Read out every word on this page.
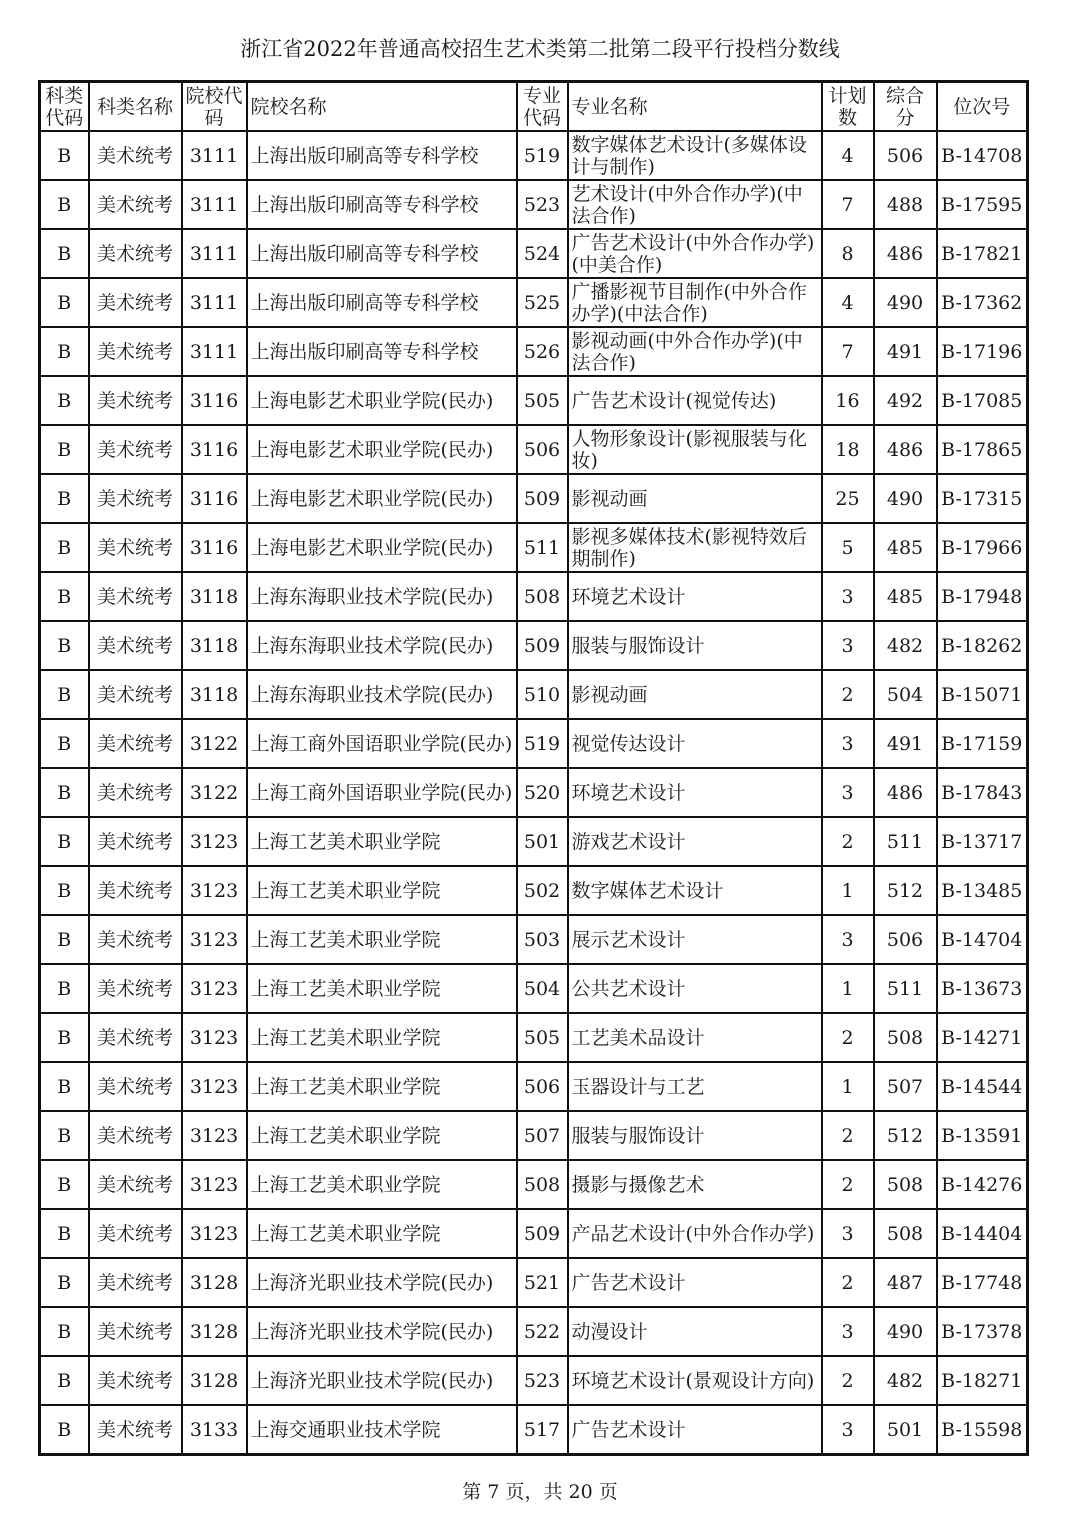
浙江省2022年普通高校招生艺术类第二批第二段平行投档分数线
科类代码	科类名称	院校代码	院校名称	专业代码	专业名称	计划数	综合分	位次号
B	美术统考	3111	上海出版印刷高等专科学校	519	数字媒体艺术设计(多媒体设计与制作)	4	506	B-14708
B	美术统考	3111	上海出版印刷高等专科学校	523	艺术设计(中外合作办学)(中法合作)	7	488	B-17595
B	美术统考	3111	上海出版印刷高等专科学校	524	广告艺术设计(中外合作办学)(中美合作)	8	486	B-17821
B	美术统考	3111	上海出版印刷高等专科学校	525	广播影视节目制作(中外合作办学)(中法合作)	4	490	B-17362
B	美术统考	3111	上海出版印刷高等专科学校	526	影视动画(中外合作办学)(中法合作)	7	491	B-17196
B	美术统考	3116	上海电影艺术职业学院(民办)	505	广告艺术设计(视觉传达)	16	492	B-17085
B	美术统考	3116	上海电影艺术职业学院(民办)	506	人物形象设计(影视服装与化妆)	18	486	B-17865
B	美术统考	3116	上海电影艺术职业学院(民办)	509	影视动画	25	490	B-17315
B	美术统考	3116	上海电影艺术职业学院(民办)	511	影视多媒体技术(影视特效后期制作)	5	485	B-17966
B	美术统考	3118	上海东海职业技术学院(民办)	508	环境艺术设计	3	485	B-17948
B	美术统考	3118	上海东海职业技术学院(民办)	509	服装与服饰设计	3	482	B-18262
B	美术统考	3118	上海东海职业技术学院(民办)	510	影视动画	2	504	B-15071
B	美术统考	3122	上海工商外国语职业学院(民办)	519	视觉传达设计	3	491	B-17159
B	美术统考	3122	上海工商外国语职业学院(民办)	520	环境艺术设计	3	486	B-17843
B	美术统考	3123	上海工艺美术职业学院	501	游戏艺术设计	2	511	B-13717
B	美术统考	3123	上海工艺美术职业学院	502	数字媒体艺术设计	1	512	B-13485
B	美术统考	3123	上海工艺美术职业学院	503	展示艺术设计	3	506	B-14704
B	美术统考	3123	上海工艺美术职业学院	504	公共艺术设计	1	511	B-13673
B	美术统考	3123	上海工艺美术职业学院	505	工艺美术品设计	2	508	B-14271
B	美术统考	3123	上海工艺美术职业学院	506	玉器设计与工艺	1	507	B-14544
B	美术统考	3123	上海工艺美术职业学院	507	服装与服饰设计	2	512	B-13591
B	美术统考	3123	上海工艺美术职业学院	508	摄影与摄像艺术	2	508	B-14276
B	美术统考	3123	上海工艺美术职业学院	509	产品艺术设计(中外合作办学)	3	508	B-14404
B	美术统考	3128	上海济光职业技术学院(民办)	521	广告艺术设计	2	487	B-17748
B	美术统考	3128	上海济光职业技术学院(民办)	522	动漫设计	3	490	B-17378
B	美术统考	3128	上海济光职业技术学院(民办)	523	环境艺术设计(景观设计方向)	2	482	B-18271
B	美术统考	3133	上海交通职业技术学院	517	广告艺术设计	3	501	B-15598
第 7 页，共 20 页
